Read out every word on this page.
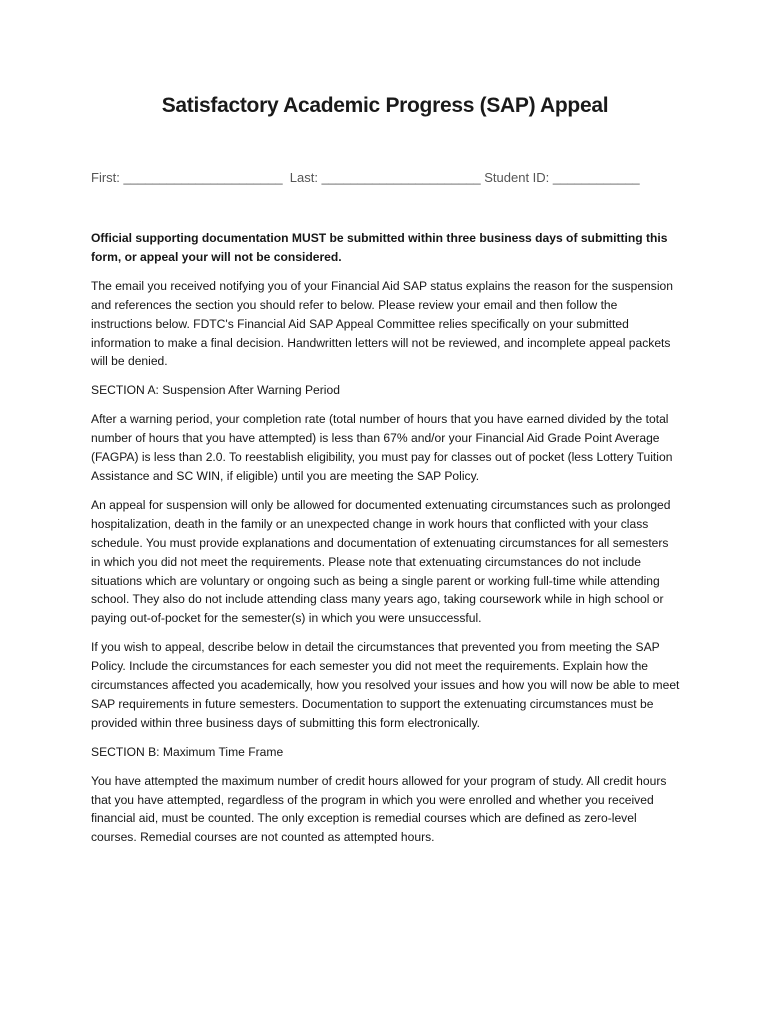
Satisfactory Academic Progress (SAP) Appeal
First: ______________________  Last: ______________________ Student ID: ____________

Official supporting documentation MUST be submitted within three business days of submitting this form, or appeal your will not be considered.

The email you received notifying you of your Financial Aid SAP status explains the reason for the suspension and references the section you should refer to below. Please review your email and then follow the instructions below. FDTC's Financial Aid SAP Appeal Committee relies specifically on your submitted information to make a final decision. Handwritten letters will not be reviewed, and incomplete appeal packets will be denied.

SECTION A: Suspension After Warning Period

After a warning period, your completion rate (total number of hours that you have earned divided by the total number of hours that you have attempted) is less than 67% and/or your Financial Aid Grade Point Average (FAGPA) is less than 2.0. To reestablish eligibility, you must pay for classes out of pocket (less Lottery Tuition Assistance and SC WIN, if eligible) until you are meeting the SAP Policy.

An appeal for suspension will only be allowed for documented extenuating circumstances such as prolonged hospitalization, death in the family or an unexpected change in work hours that conflicted with your class schedule. You must provide explanations and documentation of extenuating circumstances for all semesters in which you did not meet the requirements. Please note that extenuating circumstances do not include situations which are voluntary or ongoing such as being a single parent or working full-time while attending school. They also do not include attending class many years ago, taking coursework while in high school or paying out-of-pocket for the semester(s) in which you were unsuccessful.

If you wish to appeal, describe below in detail the circumstances that prevented you from meeting the SAP Policy. Include the circumstances for each semester you did not meet the requirements. Explain how the circumstances affected you academically, how you resolved your issues and how you will now be able to meet SAP requirements in future semesters. Documentation to support the extenuating circumstances must be provided within three business days of submitting this form electronically.

SECTION B: Maximum Time Frame

You have attempted the maximum number of credit hours allowed for your program of study. All credit hours that you have attempted, regardless of the program in which you were enrolled and whether you received financial aid, must be counted. The only exception is remedial courses which are defined as zero-level courses. Remedial courses are not counted as attempted hours.
